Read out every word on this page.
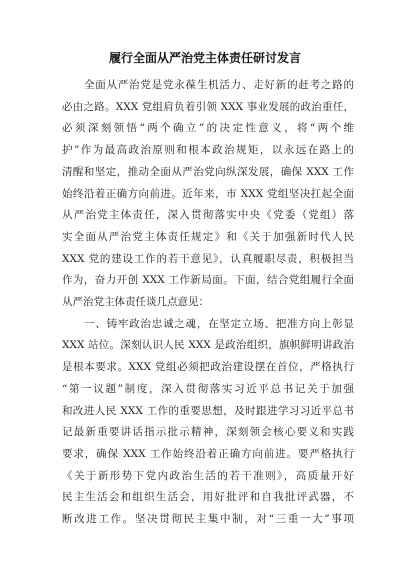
履行全面从严治党主体责任研讨发言
全面从严治党是党永葆生机活力、走好新的赶考之路的
必由之路。XXX 党组肩负着引领 XXX 事业发展的政治重任，
必须深刻领悟“两个确立”的决定性意义，将“两个维
护”作为最高政治原则和根本政治规矩，以永远在路上的
清醒和坚定，推动全面从严治党向纵深发展，确保 XXX 工作
始终沿着正确方向前进。近年来，市 XXX 党组坚决扛起全面
从严治党主体责任，深入贯彻落实中央《党委（党组）落
实全面从严治党主体责任规定》和《关于加强新时代人民
XXX 党的建设工作的若干意见》，认真履职尽责，积极担当
作为，奋力开创 XXX 工作新局面。下面，结合党组履行全面
从严治党主体责任谈几点意见：
一、铸牢政治忠诚之魂，在坚定立场、把准方向上彰显
XXX 站位。深刻认识人民 XXX 是政治组织，旗帜鲜明讲政治
是根本要求。XXX 党组必须把政治建设摆在首位，严格执行
“第一议题”制度，深入贯彻落实习近平总书记关于加强
和改进人民 XXX 工作的重要思想，及时跟进学习习近平总书
记最新重要讲话指示批示精神，深刻领会核心要义和实践
要求，确保 XXX 工作始终沿着正确方向前进。要严格执行
《关于新形势下党内政治生活的若干准则》，高质量开好
民主生活会和组织生活会，用好批评和自我批评武器，不
断改进工作。坚决贯彻民主集中制，对“三重一大”事项
